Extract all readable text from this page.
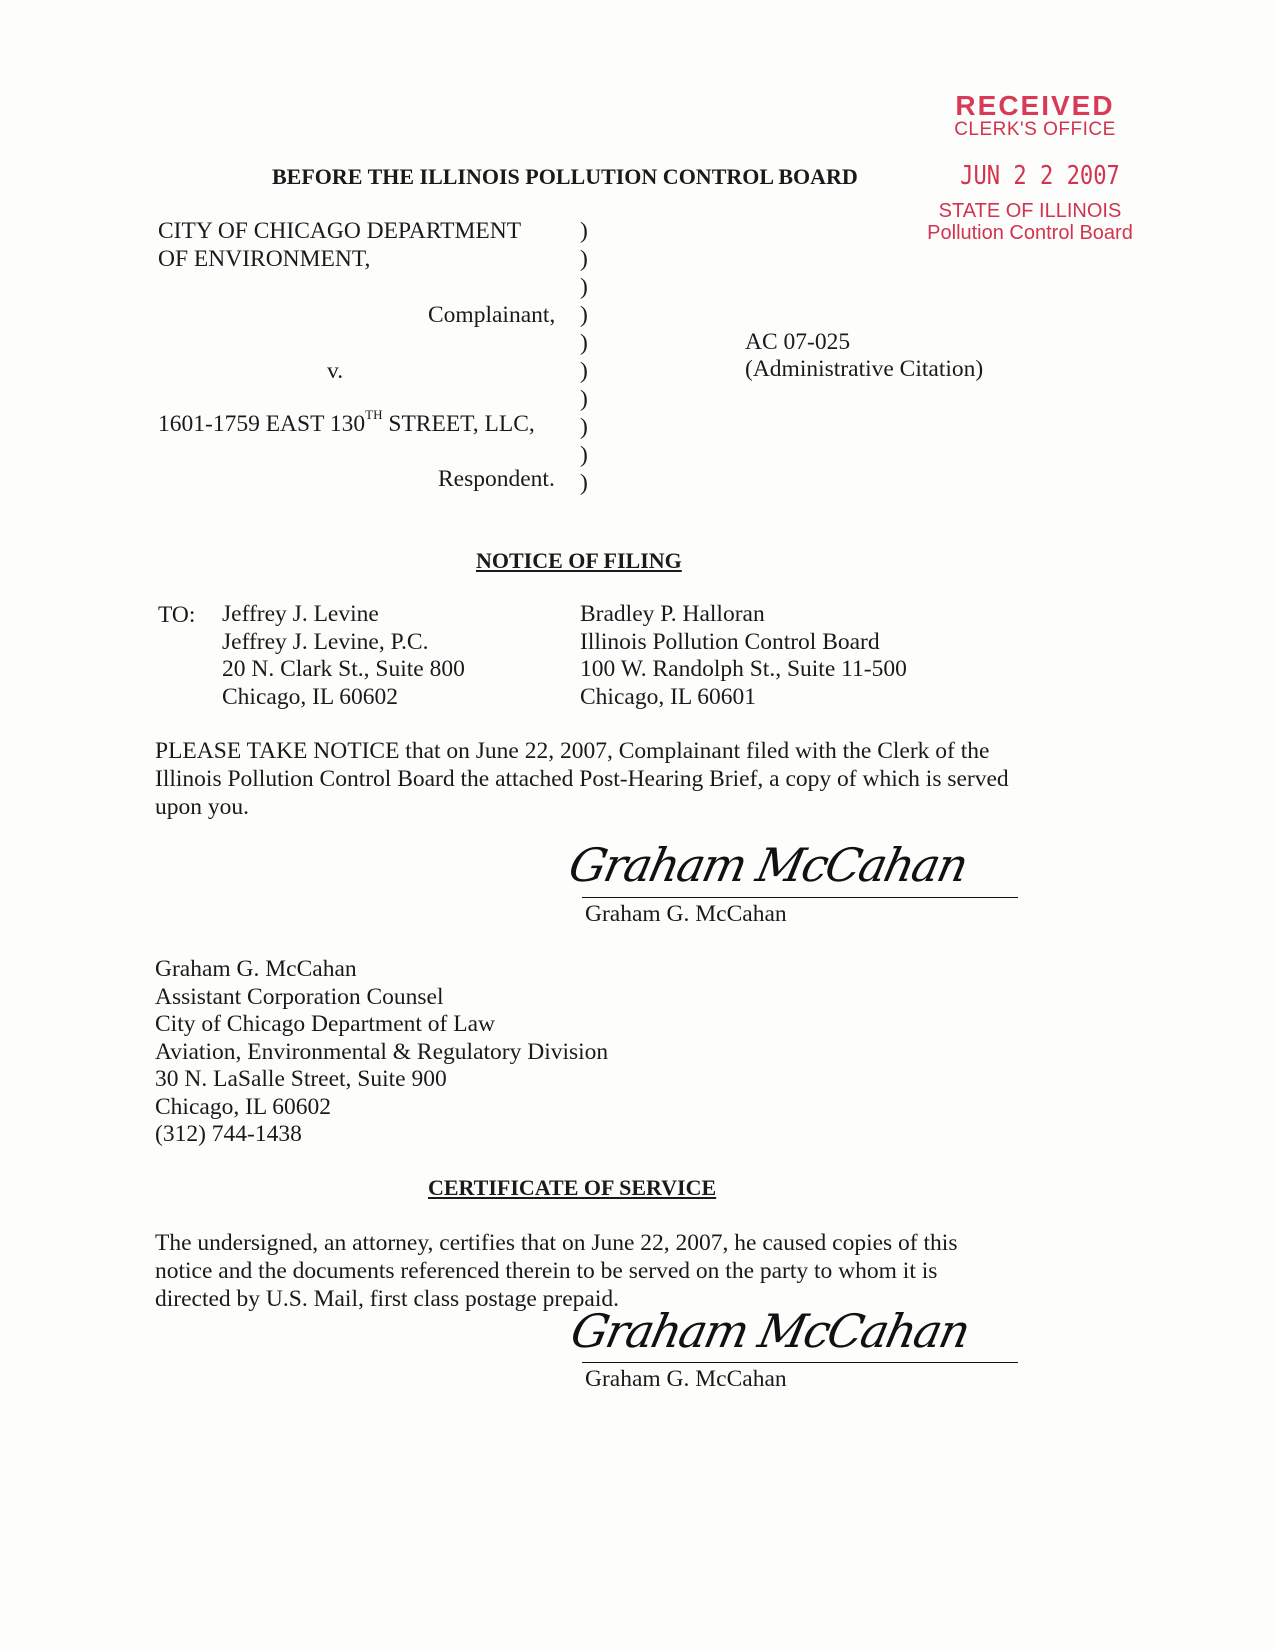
RECEIVED
CLERK'S OFFICE
JUN 2 2 2007
STATE OF ILLINOIS
Pollution Control Board
BEFORE THE ILLINOIS POLLUTION CONTROL BOARD
CITY OF CHICAGO DEPARTMENT
OF ENVIRONMENT,
Complainant,
v.
1601-1759 EAST 130TH STREET, LLC,
Respondent.
)
)
)
)
)
)
)
)
)
)
AC 07-025
(Administrative Citation)
NOTICE OF FILING
TO: Jeffrey J. Levine
Jeffrey J. Levine, P.C.
20 N. Clark St., Suite 800
Chicago, IL 60602
Bradley P. Halloran
Illinois Pollution Control Board
100 W. Randolph St., Suite 11-500
Chicago, IL 60601
PLEASE TAKE NOTICE that on June 22, 2007, Complainant filed with the Clerk of the Illinois Pollution Control Board the attached Post-Hearing Brief, a copy of which is served upon you.
Graham McCahan
Graham G. McCahan
Graham G. McCahan
Assistant Corporation Counsel
City of Chicago Department of Law
Aviation, Environmental & Regulatory Division
30 N. LaSalle Street, Suite 900
Chicago, IL 60602
(312) 744-1438
CERTIFICATE OF SERVICE
The undersigned, an attorney, certifies that on June 22, 2007, he caused copies of this notice and the documents referenced therein to be served on the party to whom it is directed by U.S. Mail, first class postage prepaid.
Graham McCahan
Graham G. McCahan
